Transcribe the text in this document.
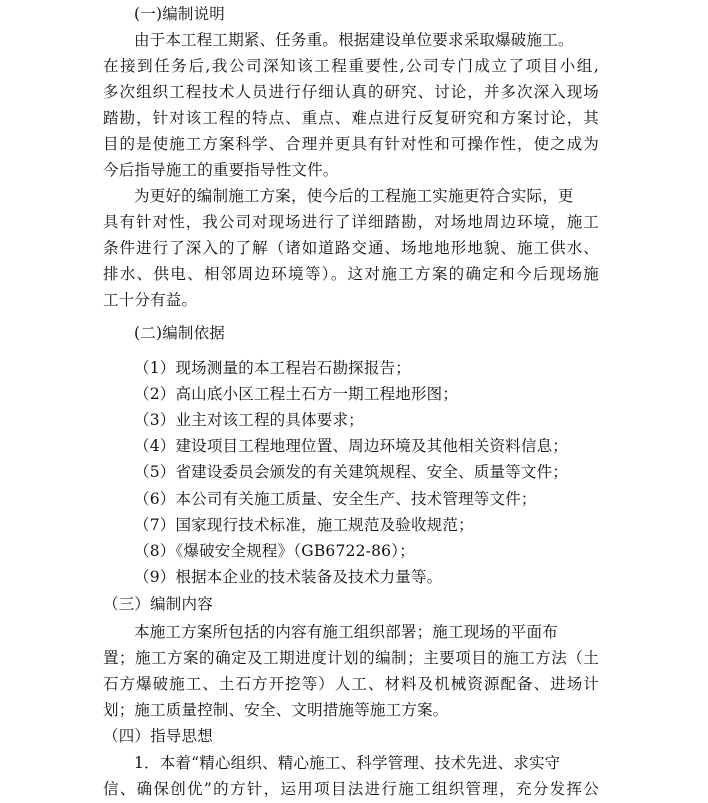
(一)编制说明
由于本工程工期紧、任务重。根据建设单位要求采取爆破施工。
在接到任务后,我公司深知该工程重要性,公司专门成立了项目小组,
多次组织工程技术人员进行仔细认真的研究、讨论，并多次深入现场
踏勘，针对该工程的特点、重点、难点进行反复研究和方案讨论，其
目的是使施工方案科学、合理并更具有针对性和可操作性，使之成为
今后指导施工的重要指导性文件。
为更好的编制施工方案，使今后的工程施工实施更符合实际，更
具有针对性，我公司对现场进行了详细踏勘，对场地周边环境，施工
条件进行了深入的了解（诸如道路交通、场地地形地貌、施工供水、
排水、供电、相邻周边环境等）。这对施工方案的确定和今后现场施
工十分有益。
(二)编制依据
（1）现场测量的本工程岩石勘探报告；
（2）高山底小区工程土石方一期工程地形图；
（3）业主对该工程的具体要求；
（4）建设项目工程地理位置、周边环境及其他相关资料信息；
（5）省建设委员会颁发的有关建筑规程、安全、质量等文件；
（6）本公司有关施工质量、安全生产、技术管理等文件；
（7）国家现行技术标准，施工规范及验收规范；
（8）《爆破安全规程》（GB6722-86）；
（9）根据本企业的技术装备及技术力量等。
（三）编制内容
本施工方案所包括的内容有施工组织部署；施工现场的平面布
置；施工方案的确定及工期进度计划的编制；主要项目的施工方法（土
石方爆破施工、土石方开挖等）人工、材料及机械资源配备、进场计
划；施工质量控制、安全、文明措施等施工方案。
（四）指导思想
1．本着“精心组织、精心施工、科学管理、技术先进、求实守
信、确保创优”的方针，运用项目法进行施工组织管理，充分发挥公
